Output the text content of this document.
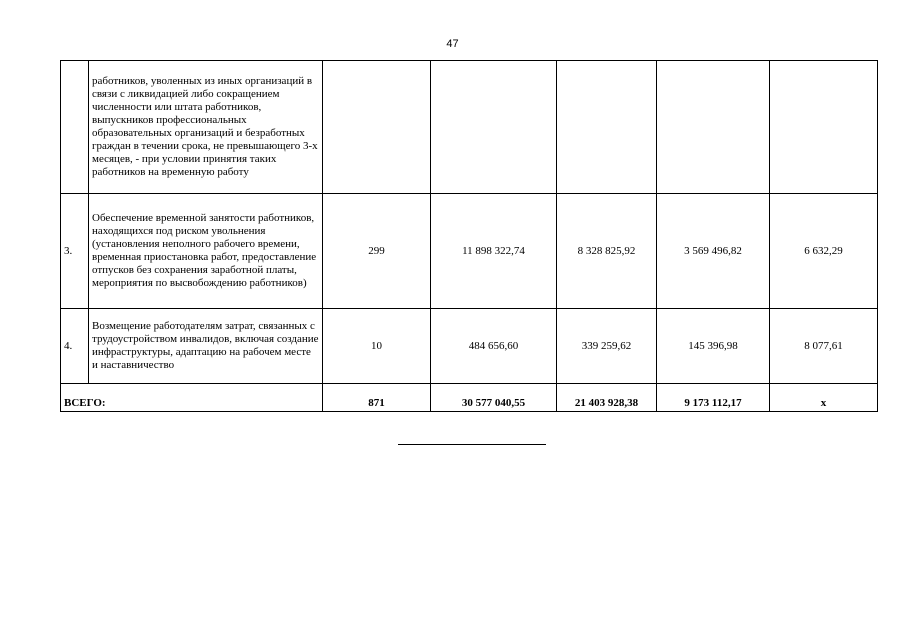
47
	работников, уволенных из иных организаций в связи с ликвидацией либо сокращением численности или штата работников, выпускников профессиональных образовательных организаций и безработных граждан в течении срока, не превышающего 3-х месяцев, - при условии принятия таких работников на временную работу					
3.	Обеспечение временной занятости работников, находящихся под риском увольнения (установления неполного рабочего времени, временная приостановка работ, предоставление отпусков без сохранения заработной платы, мероприятия по высвобождению работников)	299	11 898 322,74	8 328 825,92	3 569 496,82	6 632,29
4.	Возмещение работодателям затрат, связанных с трудоустройством инвалидов, включая создание инфраструктуры, адаптацию на рабочем месте и наставничество	10	484 656,60	339 259,62	145 396,98	8 077,61
ВСЕГО:		871	30 577 040,55	21 403 928,38	9 173 112,17	х
